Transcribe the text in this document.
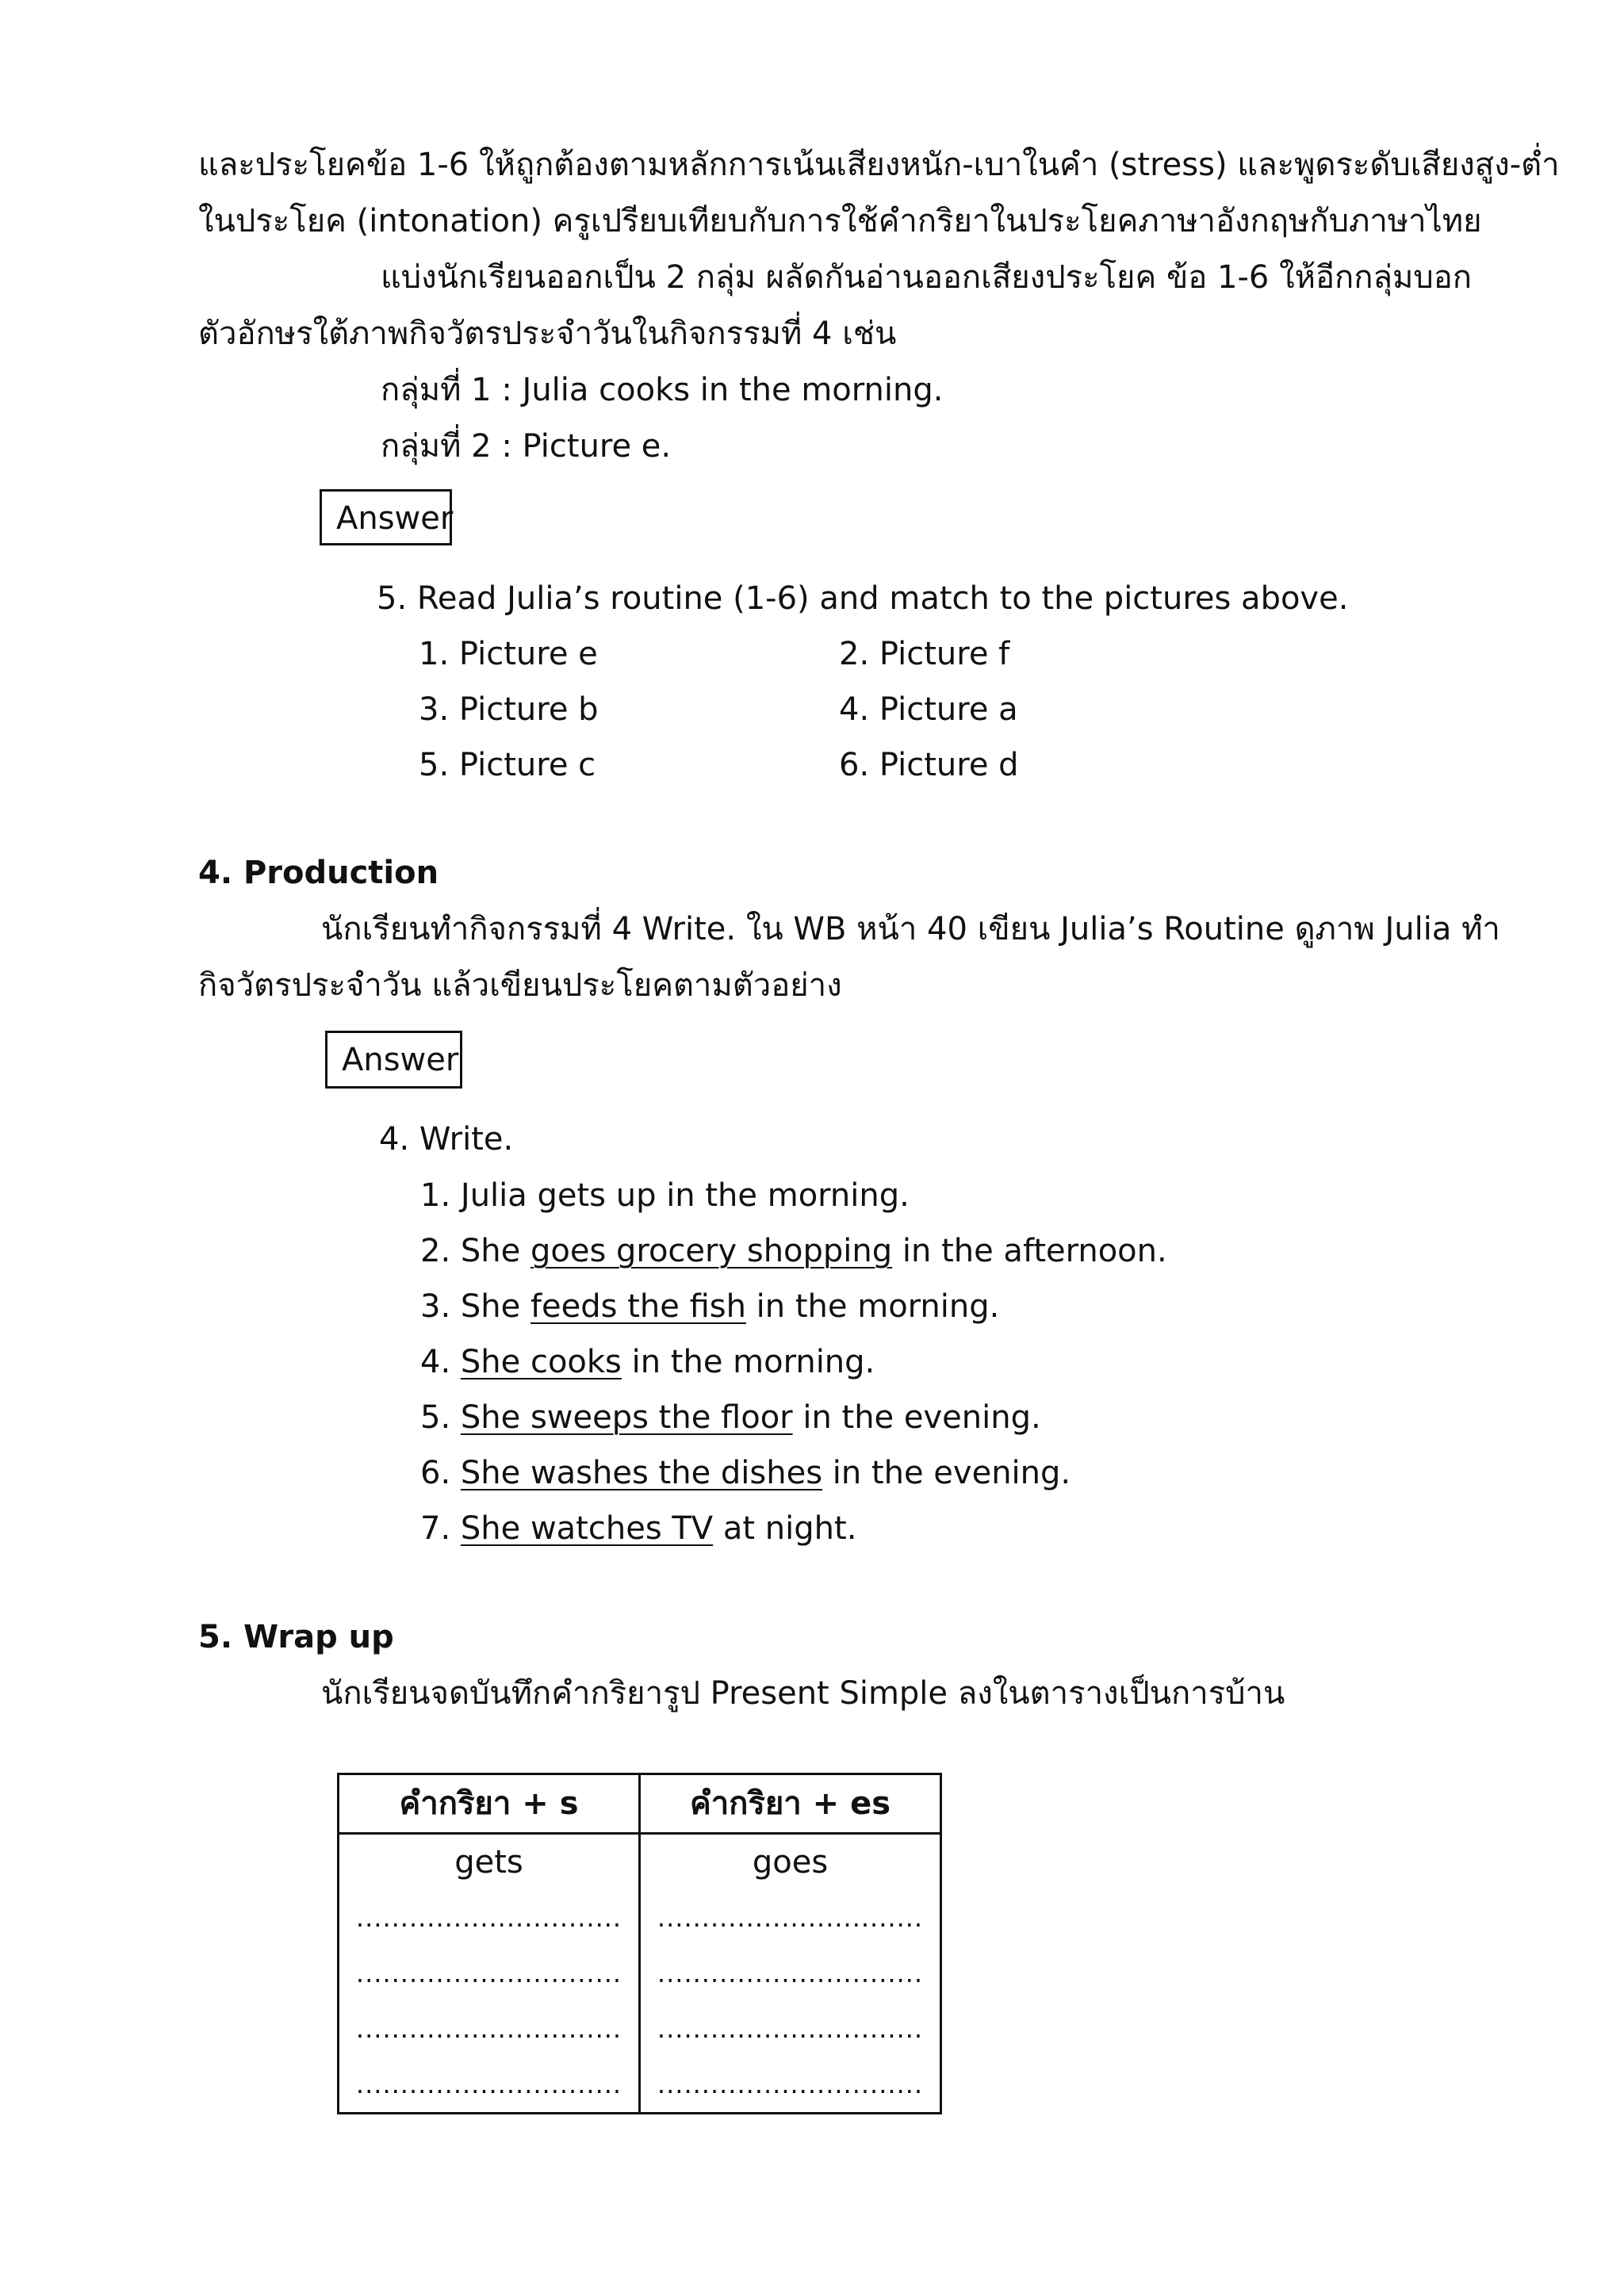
และประโยคข้อ 1-6 ให้ถูกต้องตามหลักการเน้นเสียงหนัก-เบาในคำ (stress) และพูดระดับเสียงสูง-ต่ำ

ในประโยค (intonation) ครูเปรียบเทียบกับการใช้คำกริยาในประโยคภาษาอังกฤษกับภาษาไทย

แบ่งนักเรียนออกเป็น 2 กลุ่ม ผลัดกันอ่านออกเสียงประโยค ข้อ 1-6 ให้อีกกลุ่มบอก

ตัวอักษรใต้ภาพกิจวัตรประจำวันในกิจกรรมที่ 4 เช่น

กลุ่มที่ 1 : Julia cooks in the morning.

กลุ่มที่ 2 : Picture e.

Answer

5. Read Julia’s routine (1-6) and match to the pictures above.

1. Picture e	2. Picture f

3. Picture b	4. Picture a

5. Picture c	6. Picture d

4. Production

นักเรียนทำกิจกรรมที่ 4 Write. ใน WB หน้า 40 เขียน Julia’s Routine ดูภาพ Julia ทำ

กิจวัตรประจำวัน แล้วเขียนประโยคตามตัวอย่าง

Answer

4. Write.

1. Julia gets up in the morning.

2. She goes grocery shopping in the afternoon.

3. She feeds the fish in the morning.

4. She cooks in the morning.

5. She sweeps the floor in the evening.

6. She washes the dishes in the evening.

7. She watches TV at night.

5. Wrap up

นักเรียนจดบันทึกคำกริยารูป Present Simple ลงในตารางเป็นการบ้าน

คำกริยา + s	คำกริยา + es
gets	goes
..............................	..............................
..............................	..............................
..............................	..............................
..............................	..............................
